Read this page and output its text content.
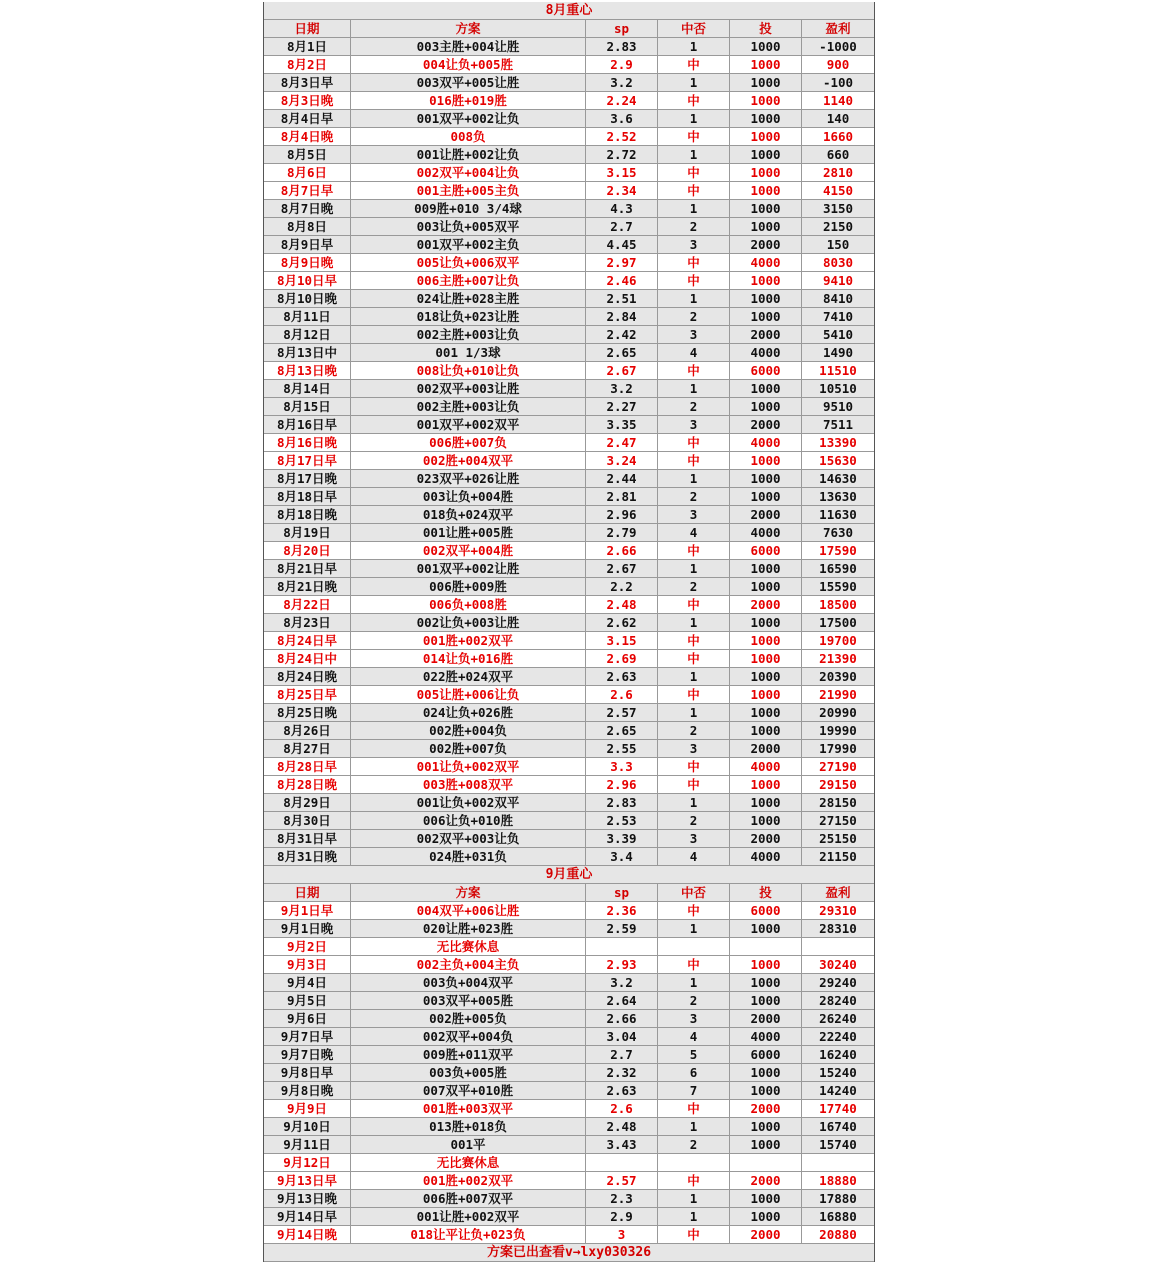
8月重心
日期	方案	sp	中否	投	盈利
8月1日	003主胜+004让胜	2.83	1	1000	-1000
8月2日	004让负+005胜	2.9	中	1000	900
8月3日早	003双平+005让胜	3.2	1	1000	-100
8月3日晚	016胜+019胜	2.24	中	1000	1140
8月4日早	001双平+002让负	3.6	1	1000	140
8月4日晚	008负	2.52	中	1000	1660
8月5日	001让胜+002让负	2.72	1	1000	660
8月6日	002双平+004让负	3.15	中	1000	2810
8月7日早	001主胜+005主负	2.34	中	1000	4150
8月7日晚	009胜+010 3/4球	4.3	1	1000	3150
8月8日	003让负+005双平	2.7	2	1000	2150
8月9日早	001双平+002主负	4.45	3	2000	150
8月9日晚	005让负+006双平	2.97	中	4000	8030
8月10日早	006主胜+007让负	2.46	中	1000	9410
8月10日晚	024让胜+028主胜	2.51	1	1000	8410
8月11日	018让负+023让胜	2.84	2	1000	7410
8月12日	002主胜+003让负	2.42	3	2000	5410
8月13日中	001 1/3球	2.65	4	4000	1490
8月13日晚	008让负+010让负	2.67	中	6000	11510
8月14日	002双平+003让胜	3.2	1	1000	10510
8月15日	002主胜+003让负	2.27	2	1000	9510
8月16日早	001双平+002双平	3.35	3	2000	7511
8月16日晚	006胜+007负	2.47	中	4000	13390
8月17日早	002胜+004双平	3.24	中	1000	15630
8月17日晚	023双平+026让胜	2.44	1	1000	14630
8月18日早	003让负+004胜	2.81	2	1000	13630
8月18日晚	018负+024双平	2.96	3	2000	11630
8月19日	001让胜+005胜	2.79	4	4000	7630
8月20日	002双平+004胜	2.66	中	6000	17590
8月21日早	001双平+002让胜	2.67	1	1000	16590
8月21日晚	006胜+009胜	2.2	2	1000	15590
8月22日	006负+008胜	2.48	中	2000	18500
8月23日	002让负+003让胜	2.62	1	1000	17500
8月24日早	001胜+002双平	3.15	中	1000	19700
8月24日中	014让负+016胜	2.69	中	1000	21390
8月24日晚	022胜+024双平	2.63	1	1000	20390
8月25日早	005让胜+006让负	2.6	中	1000	21990
8月25日晚	024让负+026胜	2.57	1	1000	20990
8月26日	002胜+004负	2.65	2	1000	19990
8月27日	002胜+007负	2.55	3	2000	17990
8月28日早	001让负+002双平	3.3	中	4000	27190
8月28日晚	003胜+008双平	2.96	中	1000	29150
8月29日	001让负+002双平	2.83	1	1000	28150
8月30日	006让负+010胜	2.53	2	1000	27150
8月31日早	002双平+003让负	3.39	3	2000	25150
8月31日晚	024胜+031负	3.4	4	4000	21150
9月重心
日期	方案	sp	中否	投	盈利
9月1日早	004双平+006让胜	2.36	中	6000	29310
9月1日晚	020让胜+023胜	2.59	1	1000	28310
9月2日	无比赛休息
9月3日	002主负+004主负	2.93	中	1000	30240
9月4日	003负+004双平	3.2	1	1000	29240
9月5日	003双平+005胜	2.64	2	1000	28240
9月6日	002胜+005负	2.66	3	2000	26240
9月7日早	002双平+004负	3.04	4	4000	22240
9月7日晚	009胜+011双平	2.7	5	6000	16240
9月8日早	003负+005胜	2.32	6	1000	15240
9月8日晚	007双平+010胜	2.63	7	1000	14240
9月9日	001胜+003双平	2.6	中	2000	17740
9月10日	013胜+018负	2.48	1	1000	16740
9月11日	001平	3.43	2	1000	15740
9月12日	无比赛休息
9月13日早	001胜+002双平	2.57	中	2000	18880
9月13日晚	006胜+007双平	2.3	1	1000	17880
9月14日早	001让胜+002双平	2.9	1	1000	16880
9月14日晚	018让平让负+023负	3	中	2000	20880
方案已出查看v→lxy030326
